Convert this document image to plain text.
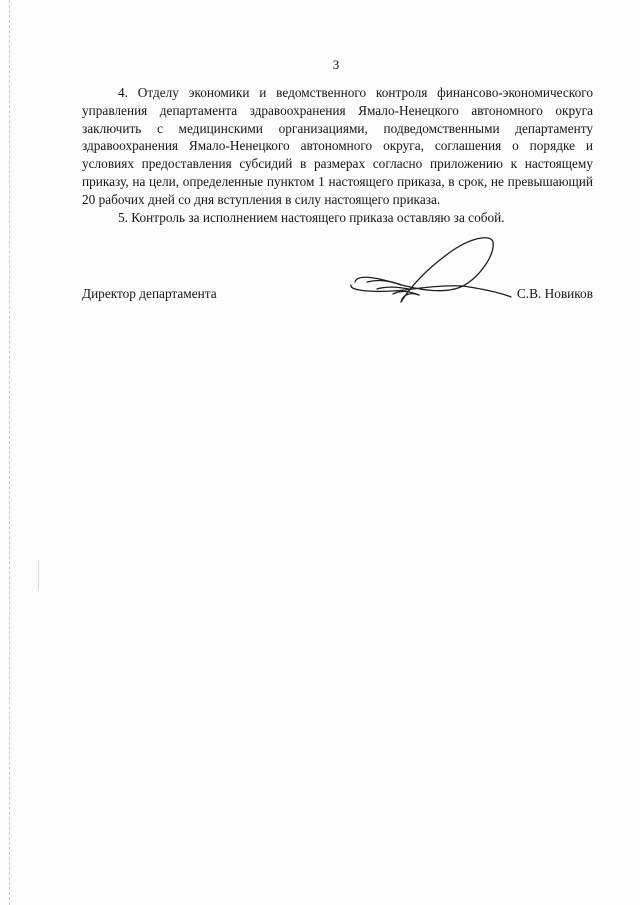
3

4. Отделу экономики и ведомственного контроля финансово-экономического управления департамента здравоохранения Ямало-Ненецкого автономного округа заключить с медицинскими организациями, подведомственными департаменту здравоохранения Ямало-Ненецкого автономного округа, соглашения о порядке и условиях предоставления субсидий в размерах согласно приложению к настоящему приказу, на цели, определенные пунктом 1 настоящего приказа, в срок, не превышающий 20 рабочих дней со дня вступления в силу настоящего приказа.

5. Контроль за исполнением настоящего приказа оставляю за собой.

Директор департамента	С.В. Новиков
